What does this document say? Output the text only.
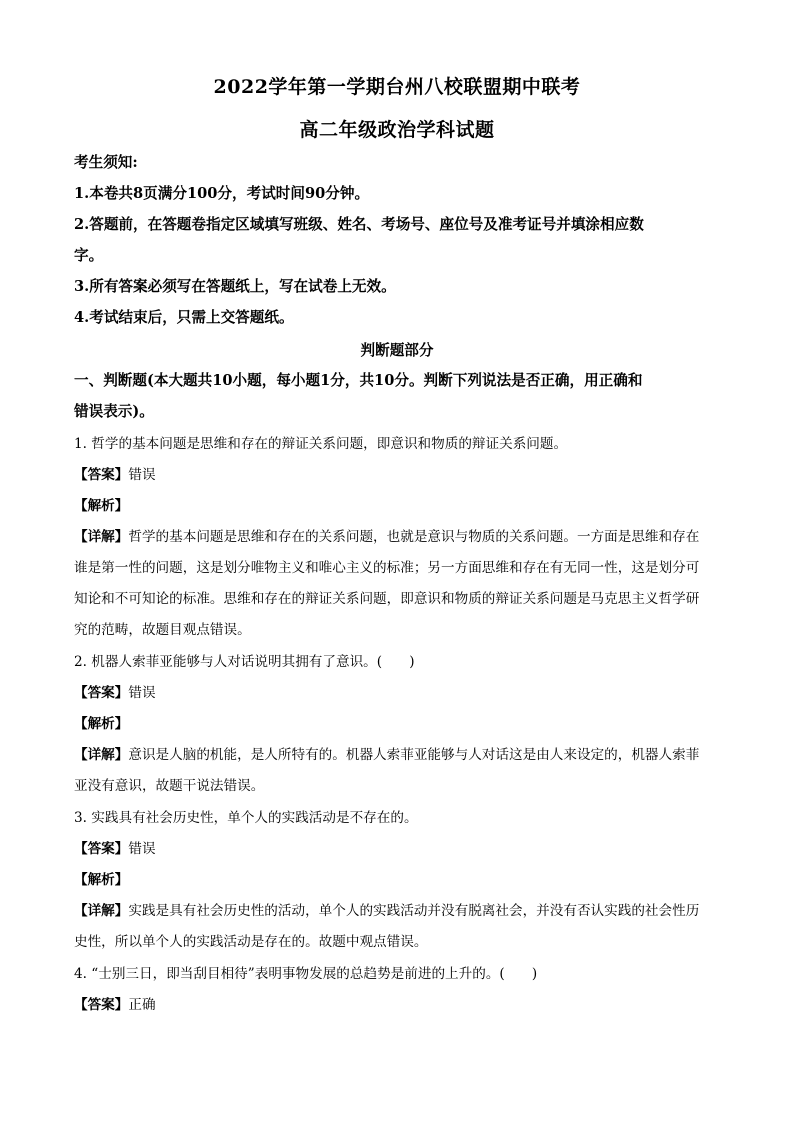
2022学年第一学期台州八校联盟期中联考
高二年级政治学科试题
考生须知:
1.本卷共8页满分100分，考试时间90分钟。
2.答题前，在答题卷指定区域填写班级、姓名、考场号、座位号及准考证号并填涂相应数
字。
3.所有答案必须写在答题纸上，写在试卷上无效。
4.考试结束后，只需上交答题纸。
判断题部分
一、判断题(本大题共10小题，每小题1分，共10分。判断下列说法是否正确，用正确和
错误表示)。
1. 哲学的基本问题是思维和存在的辩证关系问题，即意识和物质的辩证关系问题。
【答案】错误
【解析】
【详解】哲学的基本问题是思维和存在的关系问题，也就是意识与物质的关系问题。一方面是思维和存在
谁是第一性的问题，这是划分唯物主义和唯心主义的标准；另一方面思维和存在有无同一性，这是划分可
知论和不可知论的标准。思维和存在的辩证关系问题，即意识和物质的辩证关系问题是马克思主义哲学研
究的范畴，故题目观点错误。
2. 机器人索菲亚能够与人对话说明其拥有了意识。(　　)
【答案】错误
【解析】
【详解】意识是人脑的机能，是人所特有的。机器人索菲亚能够与人对话这是由人来设定的，机器人索菲
亚没有意识，故题干说法错误。
3. 实践具有社会历史性，单个人的实践活动是不存在的。
【答案】错误
【解析】
【详解】实践是具有社会历史性的活动，单个人的实践活动并没有脱离社会，并没有否认实践的社会性历
史性，所以单个人的实践活动是存在的。故题中观点错误。
4. “士别三日，即当刮目相待”表明事物发展的总趋势是前进的上升的。(　　)
【答案】正确
